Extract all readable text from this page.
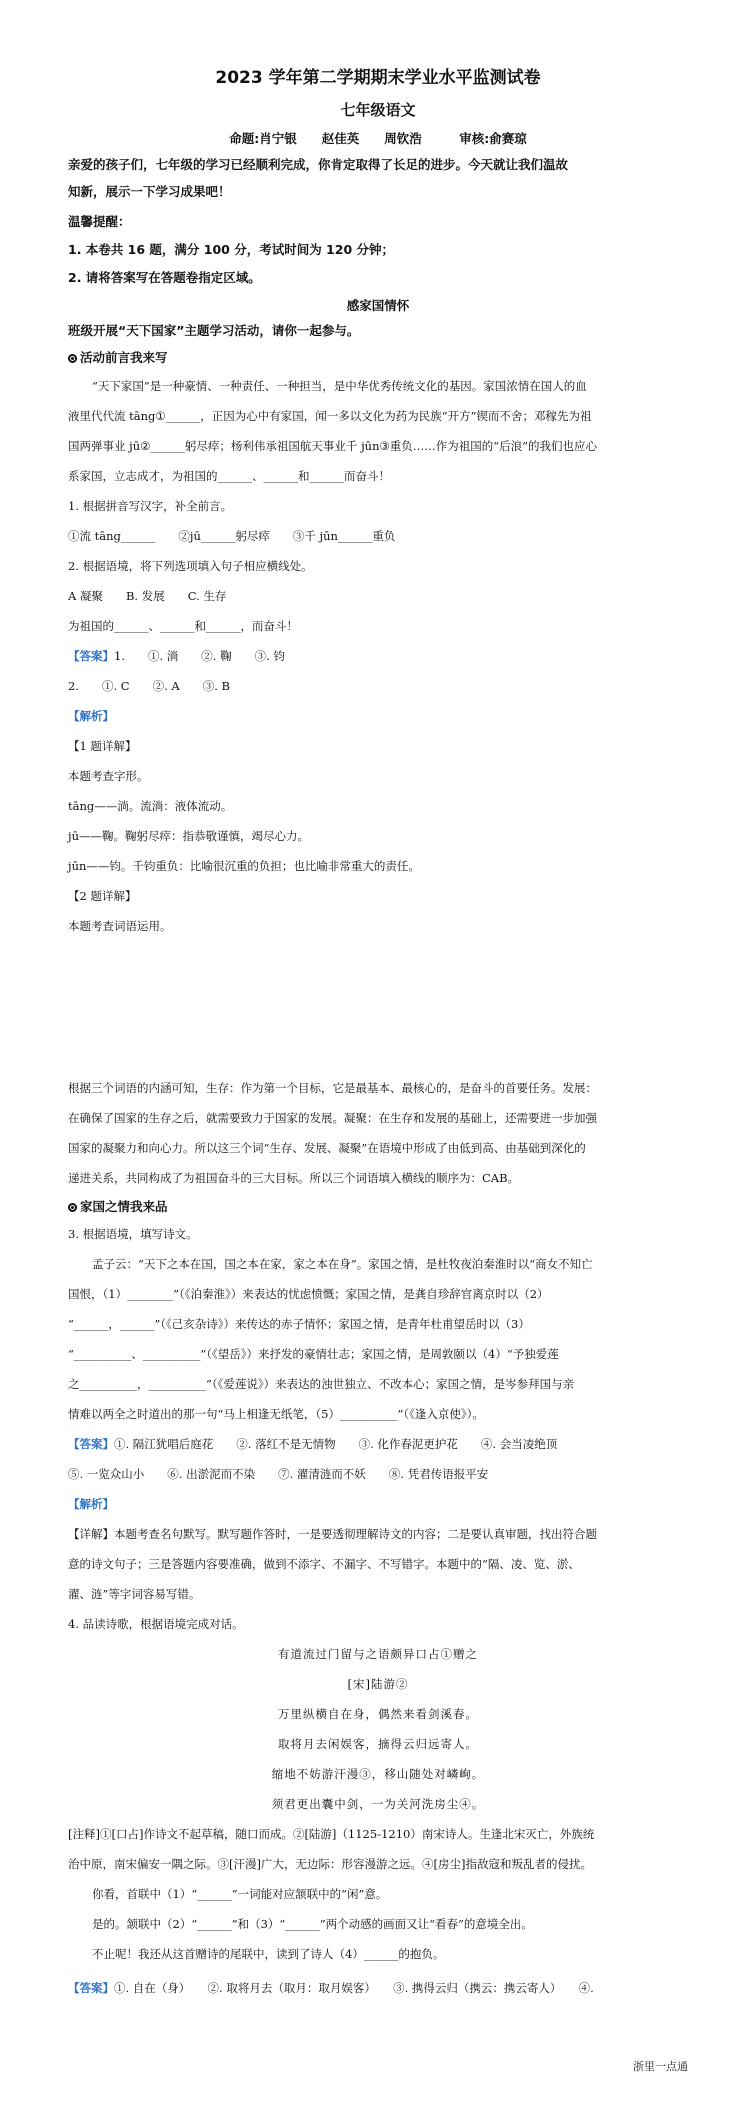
2023 学年第二学期期末学业水平监测试卷
七年级语文
命题:肖宁银　　赵佳英　　周钦浩　　　审核:俞赛琼
亲爱的孩子们，七年级的学习已经顺利完成，你肯定取得了长足的进步。今天就让我们温故
知新，展示一下学习成果吧！
温馨提醒：
1. 本卷共 16 题，满分 100 分，考试时间为 120 分钟；
2. 请将答案写在答题卷指定区域。
感家国情怀
班级开展“天下国家”主题学习活动，请你一起参与。
活动前言我来写
“天下家国”是一种豪情、一种责任、一种担当，是中华优秀传统文化的基因。家国浓情在国人的血
液里代代流 tāng①______，正因为心中有家国，闻一多以文化为药为民族“开方”锲而不舍；邓稼先为祖
国两弹事业 jū②______躬尽瘁；杨利伟承祖国航天事业千 jūn③重负……作为祖国的“后浪”的我们也应心
系家国，立志成才，为祖国的______、______和______而奋斗！
1. 根据拼音写汉字，补全前言。
①流 tāng______　　②jū______躬尽瘁　　③千 jūn______重负
2. 根据语境，将下列选项填入句子相应横线处。
A 凝聚　　B. 发展　　C. 生存
为祖国的______、______和______，而奋斗！
【答案】1.　　①. 淌　　②. 鞠　　③. 钧
2.　　①. C　　②. A　　③. B
【解析】
【1 题详解】
本题考查字形。
tāng——淌。流淌：液体流动。
jū——鞠。鞠躬尽瘁：指恭敬谨慎，竭尽心力。
jūn——钧。千钧重负：比喻很沉重的负担；也比喻非常重大的责任。
【2 题详解】
本题考查词语运用。
根据三个词语的内涵可知，生存：作为第一个目标，它是最基本、最核心的，是奋斗的首要任务。发展：
在确保了国家的生存之后，就需要致力于国家的发展。凝聚：在生存和发展的基础上，还需要进一步加强
国家的凝聚力和向心力。所以这三个词“生存、发展、凝聚”在语境中形成了由低到高、由基础到深化的
递进关系，共同构成了为祖国奋斗的三大目标。所以三个词语填入横线的顺序为：CAB。
家国之情我来品
3. 根据语境，填写诗文。
孟子云：“天下之本在国，国之本在家，家之本在身”。家国之情，是杜牧夜泊秦淮时以“商女不知亡
国恨，（1）________”（《泊秦淮》）来表达的忧虑愤慨；家国之情，是龚自珍辞官离京时以（2）
“______，______”（《己亥杂诗》）来传达的赤子情怀；家国之情，是青年杜甫望岳时以（3）
“__________、__________”（《望岳》）来抒发的豪情壮志；家国之情，是周敦颐以（4）“予独爱莲
之__________，__________”（《爱莲说》）来表达的浊世独立、不改本心；家国之情，是岑参拜国与亲
情难以两全之时道出的那一句“马上相逢无纸笔，（5）__________”（《逢入京使》）。
【答案】①. 隔江犹唱后庭花　　②. 落红不是无情物　　③. 化作春泥更护花　　④. 会当凌绝顶
⑤. 一览众山小　　⑥. 出淤泥而不染　　⑦. 濯清涟而不妖　　⑧. 凭君传语报平安
【解析】
【详解】本题考查名句默写。默写题作答时，一是要透彻理解诗文的内容；二是要认真审题，找出符合题
意的诗文句子；三是答题内容要准确，做到不添字、不漏字、不写错字。本题中的“隔、凌、览、淤、
濯、涟”等字词容易写错。
4. 品读诗歌，根据语境完成对话。
有道流过门留与之语颇异口占①赠之
[宋]陆游②
万里纵横自在身，偶然来看剑溪春。
取将月去闲娱客，摘得云归远寄人。
缩地不妨游汗漫③，移山随处对嶙峋。
须君更出囊中剑，一为关河洗房尘④。
[注释]①[口占]作诗文不起草稿，随口而成。②[陆游]（1125-1210）南宋诗人。生逢北宋灭亡，外族统
治中原，南宋偏安一隅之际。③[汗漫]广大，无边际：形容漫游之远。④[房尘]指敌寇和叛乱者的侵扰。
你看，首联中（1）“______”一词能对应颔联中的“闲”意。
是的。颔联中（2）“______”和（3）“______”两个动感的画面又让“看春”的意境全出。
不止呢！我还从这首赠诗的尾联中，读到了诗人（4）______的抱负。
【答案】①. 自在（身）　　②. 取将月去（取月：取月娱客）　　③. 携得云归（携云：携云寄人）　　④.
浙里一点通
